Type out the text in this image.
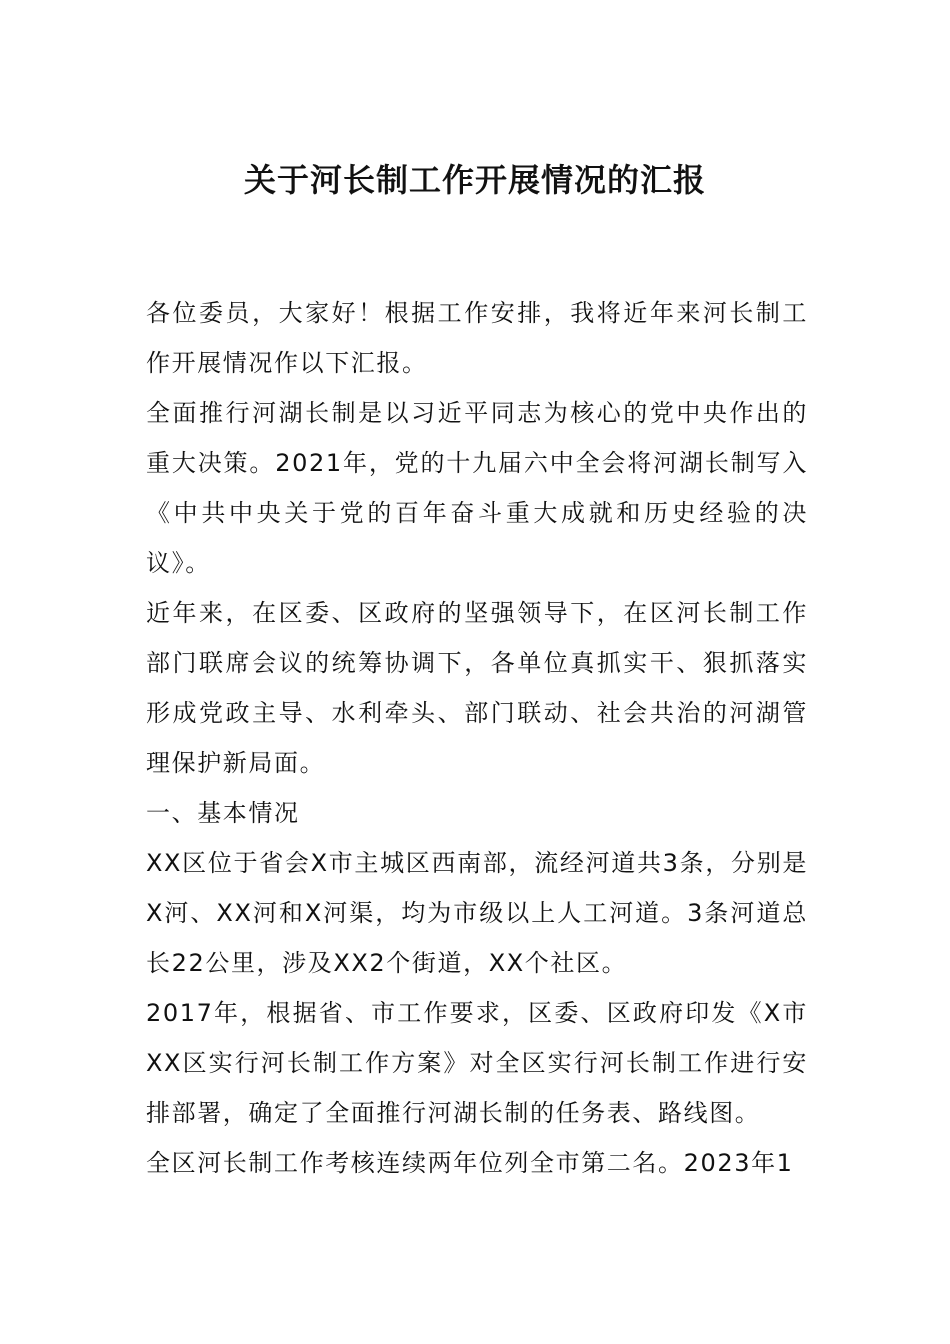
关于河长制工作开展情况的汇报

各位委员，大家好！根据工作安排，我将近年来河长制工作开展情况作以下汇报。

全面推行河湖长制是以习近平同志为核心的党中央作出的重大决策。2021年，党的十九届六中全会将河湖长制写入《中共中央关于党的百年奋斗重大成就和历史经验的决议》。

近年来，在区委、区政府的坚强领导下，在区河长制工作部门联席会议的统筹协调下，各单位真抓实干、狠抓落实形成党政主导、水利牵头、部门联动、社会共治的河湖管理保护新局面。

一、基本情况

XX区位于省会X市主城区西南部，流经河道共3条，分别是X河、XX河和X河渠，均为市级以上人工河道。3条河道总长22公里，涉及XX2个街道，XX个社区。

2017年，根据省、市工作要求，区委、区政府印发《X市XX区实行河长制工作方案》对全区实行河长制工作进行安排部署，确定了全面推行河湖长制的任务表、路线图。

全区河长制工作考核连续两年位列全市第二名。2023年1
